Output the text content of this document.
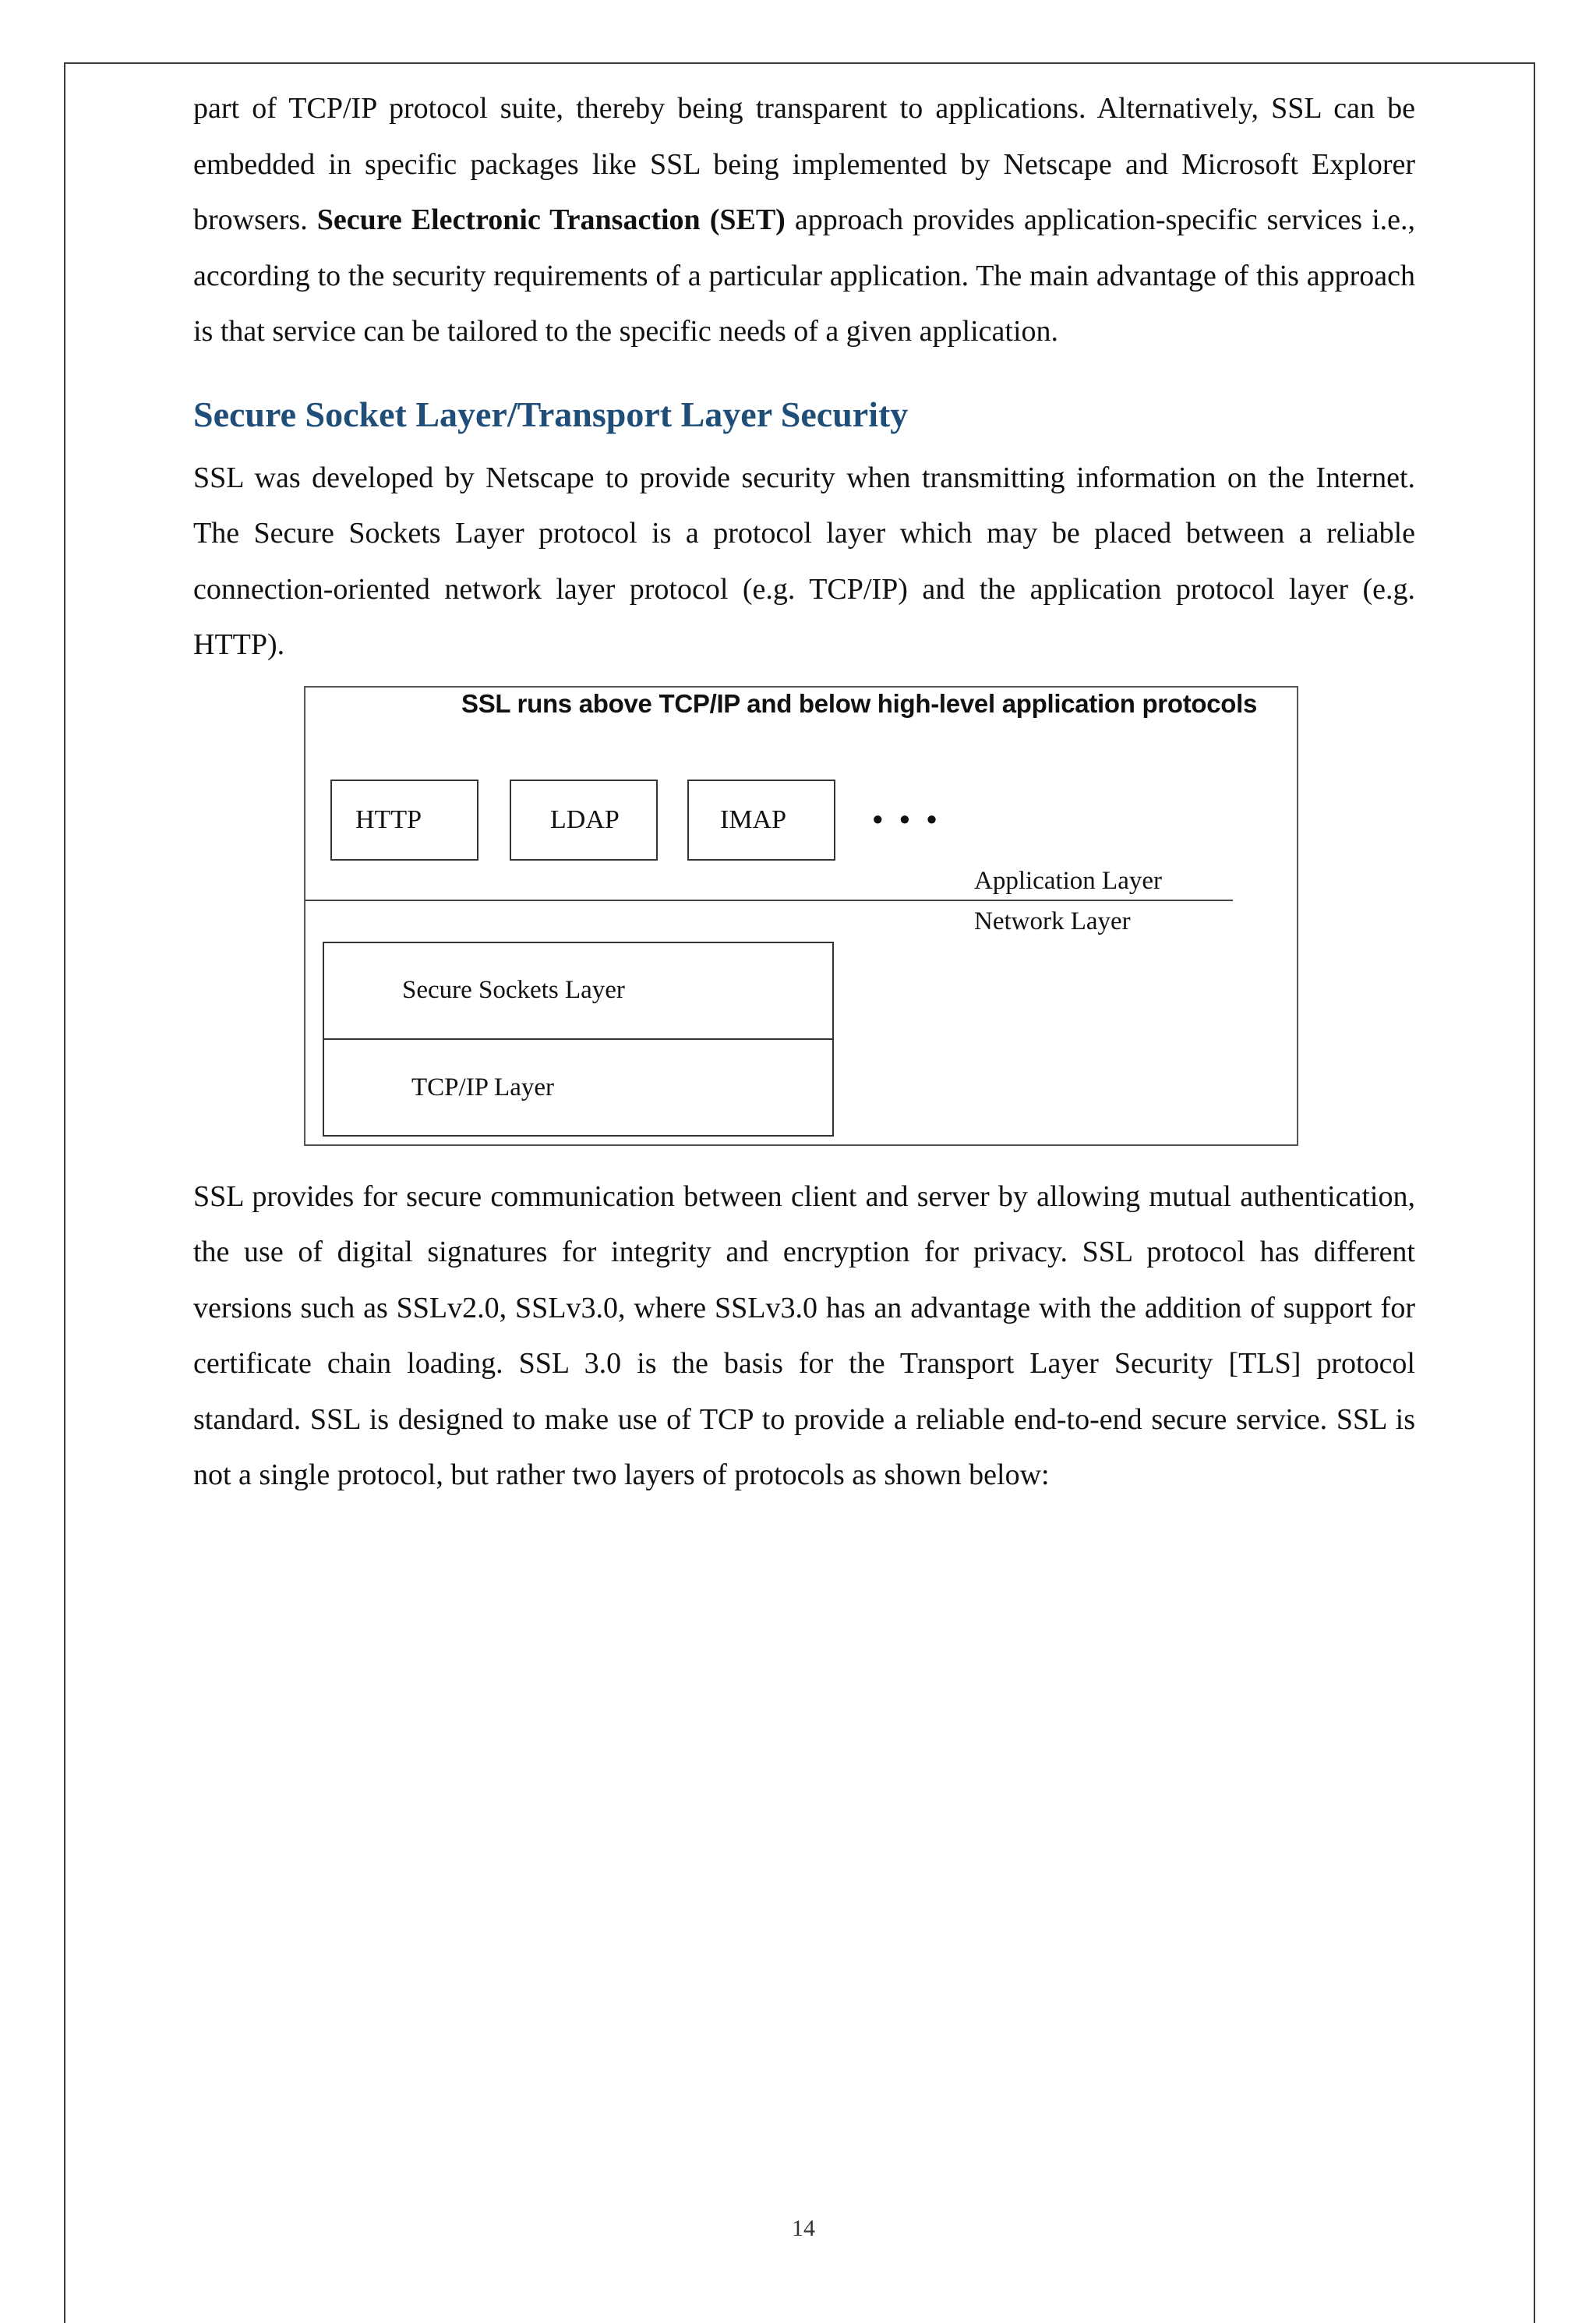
part of TCP/IP protocol suite, thereby being transparent to applications. Alternatively, SSL can be embedded in specific packages like SSL being implemented by Netscape and Microsoft Explorer browsers. Secure Electronic Transaction (SET) approach provides application-specific services i.e., according to the security requirements of a particular application. The main advantage of this approach is that service can be tailored to the specific needs of a given application.

Secure Socket Layer/Transport Layer Security

SSL was developed by Netscape to provide security when transmitting information on the Internet. The Secure Sockets Layer protocol is a protocol layer which may be placed between a reliable connection-oriented network layer protocol (e.g. TCP/IP) and the application protocol layer (e.g. HTTP).

SSL runs above TCP/IP and below high-level application protocols
HTTP	LDAP	IMAP	• • •
Application Layer
Network Layer
Secure Sockets Layer
TCP/IP Layer

SSL provides for secure communication between client and server by allowing mutual authentication, the use of digital signatures for integrity and encryption for privacy. SSL protocol has different versions such as SSLv2.0, SSLv3.0, where SSLv3.0 has an advantage with the addition of support for certificate chain loading. SSL 3.0 is the basis for the Transport Layer Security [TLS] protocol standard. SSL is designed to make use of TCP to provide a reliable end-to-end secure service. SSL is not a single protocol, but rather two layers of protocols as shown below:

14
